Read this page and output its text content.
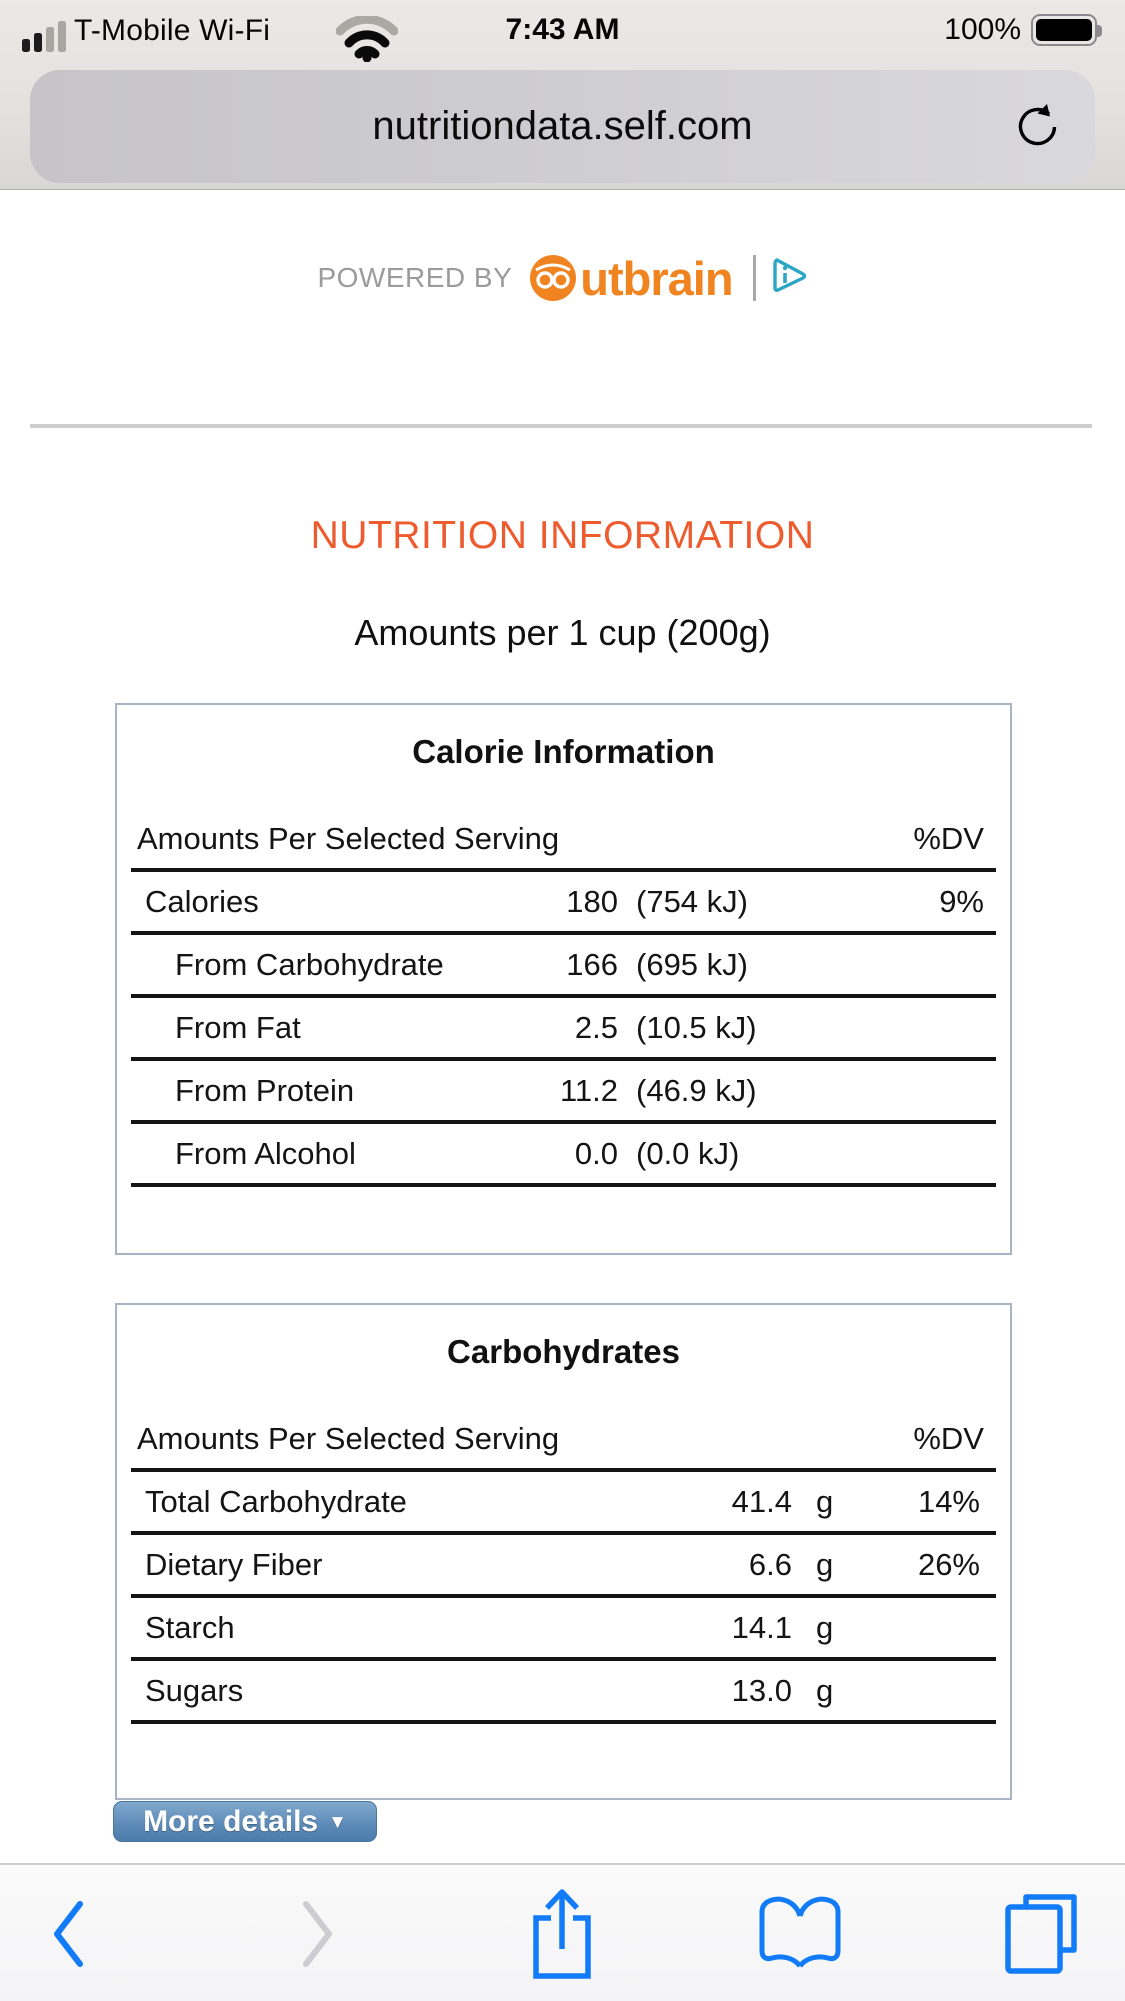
T-Mobile Wi-Fi	7:43 AM	100%
nutritiondata.self.com
POWERED BY utbrain
NUTRITION INFORMATION
Amounts per 1 cup (200g)
Calorie Information
Amounts Per Selected Serving	%DV
Calories	180 (754 kJ)	9%
From Carbohydrate	166 (695 kJ)
From Fat	2.5 (10.5 kJ)
From Protein	11.2 (46.9 kJ)
From Alcohol	0.0 (0.0 kJ)
Carbohydrates
Amounts Per Selected Serving	%DV
Total Carbohydrate	41.4 g	14%
Dietary Fiber	6.6 g	26%
Starch	14.1 g
Sugars	13.0 g
More details ▼
